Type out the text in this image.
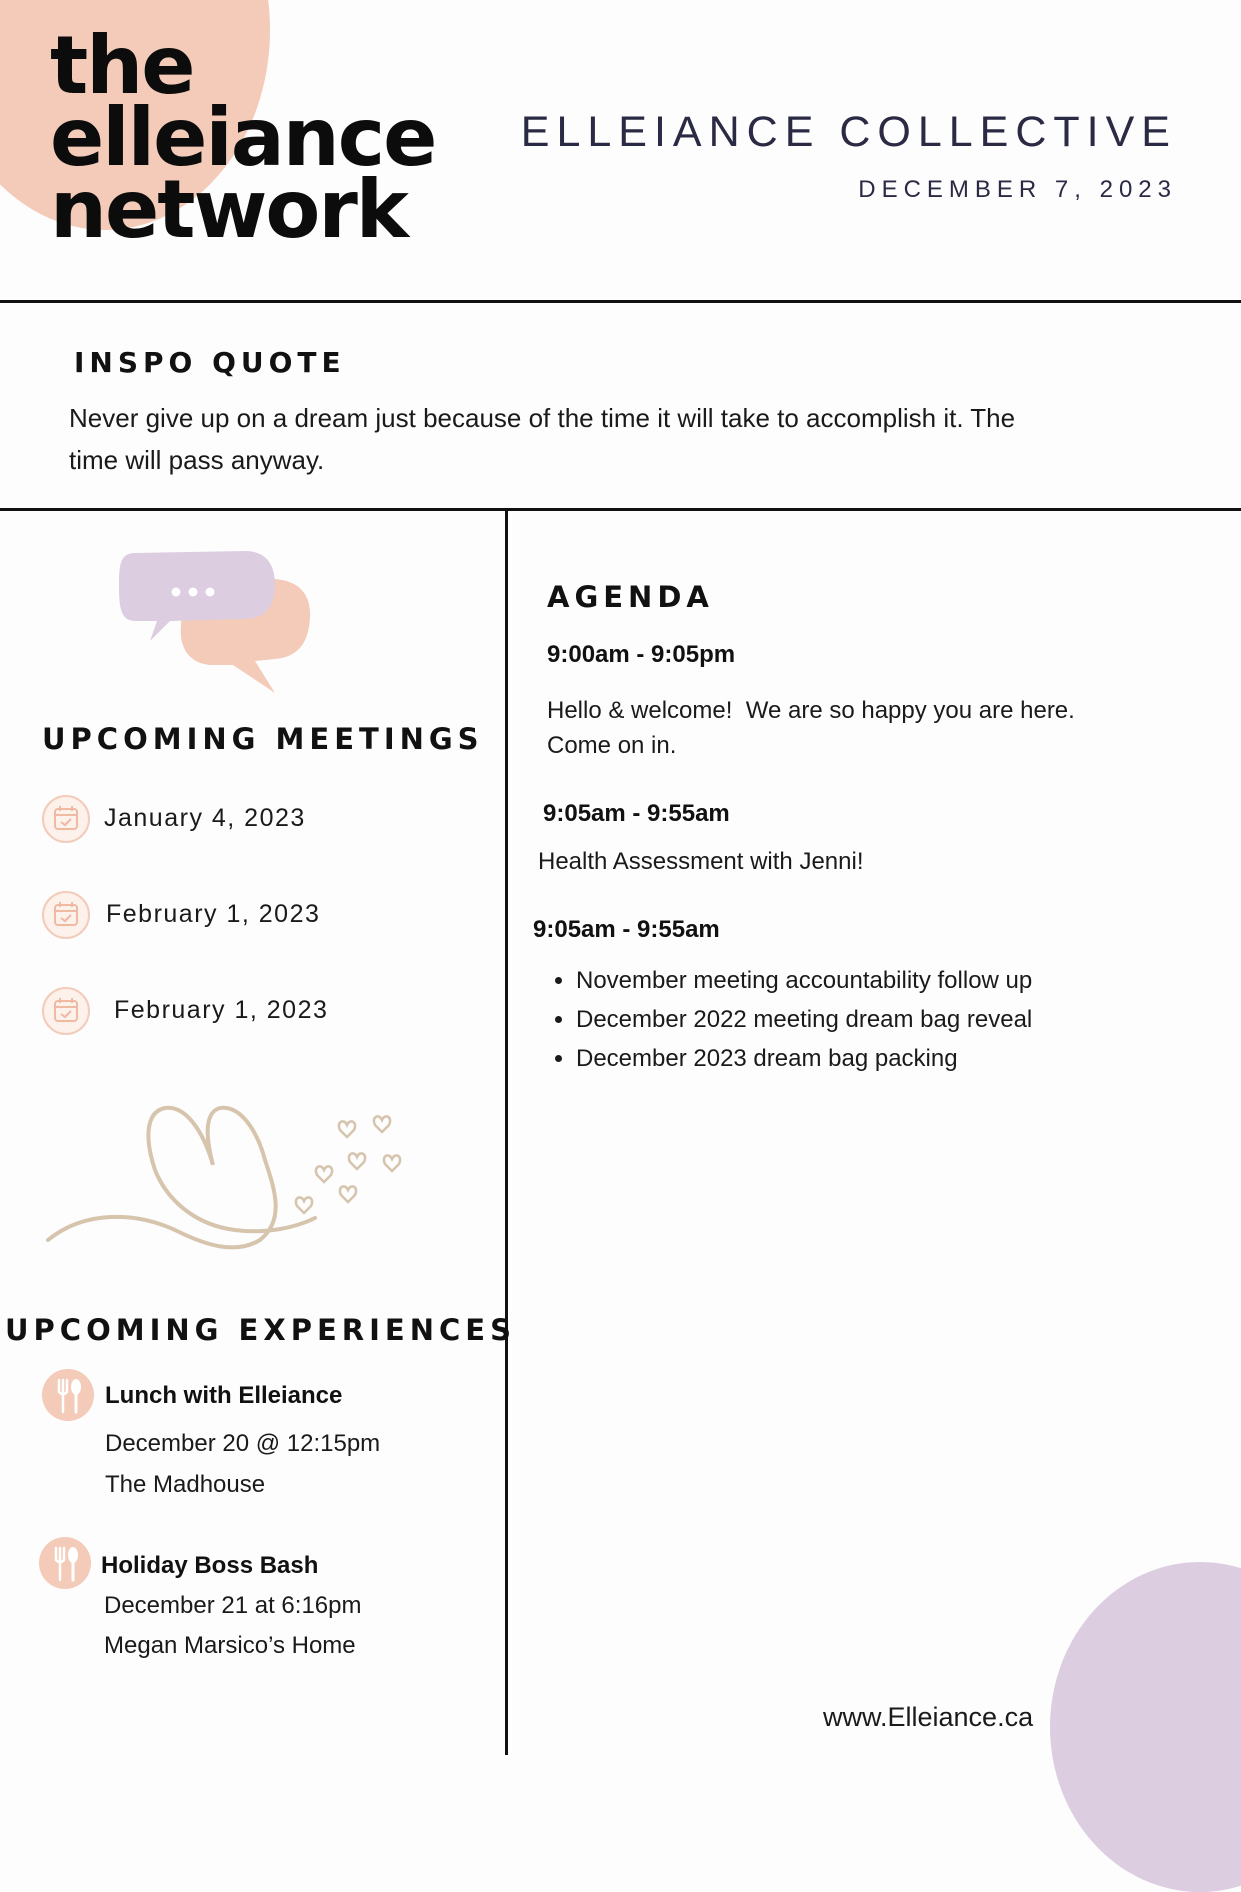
the
elleiance
network
ELLEIANCE COLLECTIVE
DECEMBER 7, 2023
INSPO QUOTE
Never give up on a dream just because of the time it will take to accomplish it. The
time will pass anyway.
UPCOMING MEETINGS
January 4, 2023
February 1, 2023
February 1, 2023
UPCOMING EXPERIENCES
Lunch with Elleiance
December 20 @ 12:15pm
The Madhouse
Holiday Boss Bash
December 21 at 6:16pm
Megan Marsico’s Home
AGENDA
9:00am - 9:05pm
Hello & welcome!  We are so happy you are here.
Come on in.
9:05am - 9:55am
Health Assessment with Jenni!
9:05am - 9:55am
• November meeting accountability follow up
• December 2022 meeting dream bag reveal
• December 2023 dream bag packing
www.Elleiance.ca
